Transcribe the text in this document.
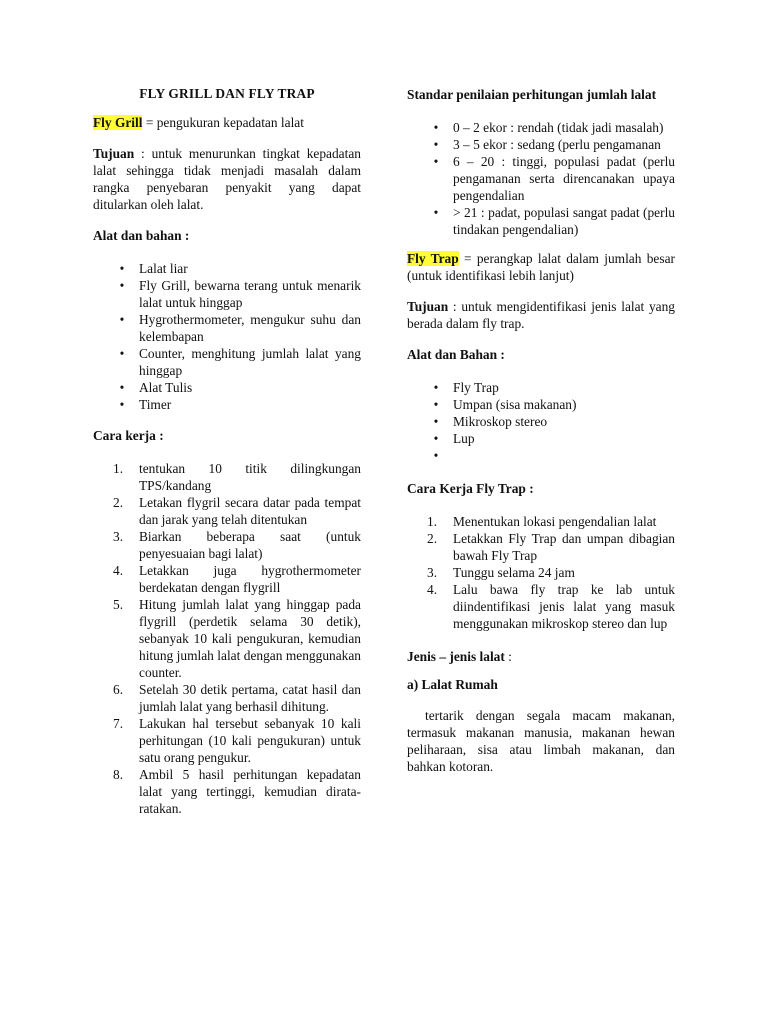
FLY GRILL DAN FLY TRAP

Fly Grill = pengukuran kepadatan lalat

Tujuan : untuk menurunkan tingkat kepadatan lalat sehingga tidak menjadi masalah dalam rangka penyebaran penyakit yang dapat ditularkan oleh lalat.

Alat dan bahan :
• Lalat liar
• Fly Grill, bewarna terang untuk menarik lalat untuk hinggap
• Hygrothermometer, mengukur suhu dan kelembapan
• Counter, menghitung jumlah lalat yang hinggap
• Alat Tulis
• Timer
Cara kerja :
1.	tentukan 10 titik dilingkungan TPS/kandang
2.	Letakan flygril secara datar pada tempat dan jarak yang telah ditentukan
3.	Biarkan beberapa saat (untuk penyesuaian bagi lalat)
4.	Letakkan juga hygrothermometer berdekatan dengan flygrill
5.	Hitung jumlah lalat yang hinggap pada flygrill (perdetik selama 30 detik), sebanyak 10 kali pengukuran, kemudian hitung jumlah lalat dengan menggunakan counter.
6.	Setelah 30 detik pertama, catat hasil dan jumlah lalat yang berhasil dihitung.
7.	Lakukan hal tersebut sebanyak 10 kali perhitungan (10 kali pengukuran) untuk satu orang pengukur.
8.	Ambil 5 hasil perhitungan kepadatan lalat yang tertinggi, kemudian dirata-ratakan.
Standar penilaian perhitungan jumlah lalat
• 0 – 2 ekor : rendah (tidak jadi masalah)
• 3 – 5 ekor : sedang (perlu pengamanan
• 6 – 20 : tinggi, populasi padat (perlu pengamanan serta direncanakan upaya pengendalian
• > 21 : padat, populasi sangat padat (perlu tindakan pengendalian)

Fly Trap = perangkap lalat dalam jumlah besar (untuk identifikasi lebih lanjut)

Tujuan : untuk mengidentifikasi jenis lalat yang berada dalam fly trap.

Alat dan Bahan :
• Fly Trap
• Umpan (sisa makanan)
• Mikroskop stereo
• Lup
•
Cara Kerja Fly Trap :
1.	Menentukan lokasi pengendalian lalat
2.	Letakkan Fly Trap dan umpan dibagian bawah Fly Trap
3.	Tunggu selama 24 jam
4.	Lalu bawa fly trap ke lab untuk diindentifikasi jenis lalat yang masuk menggunakan mikroskop stereo dan lup

Jenis – jenis lalat :

a) Lalat Rumah

tertarik dengan segala macam makanan, termasuk makanan manusia, makanan hewan peliharaan, sisa atau limbah makanan, dan bahkan kotoran.
